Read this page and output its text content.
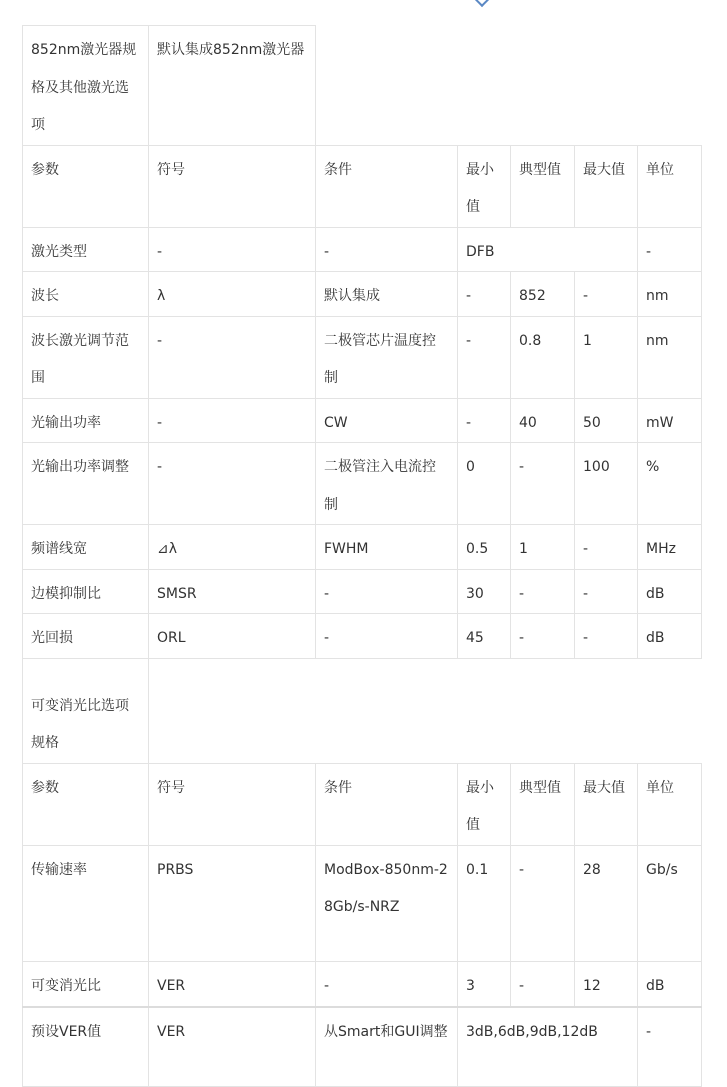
852nm激光器规格及其他激光选项	默认集成852nm激光器					
参数	符号	条件	最小值	典型值	最大值	单位
激光类型	-	-	DFB			-
波长	λ	默认集成	-	852	-	nm
波长激光调节范围	-	二极管芯片温度控制	-	0.8	1	nm
光输出功率	-	CW	-	40	50	mW
光输出功率调整	-	二极管注入电流控制	0	-	100	%
频谱线宽	⊿λ	FWHM	0.5	1	-	MHz
边模抑制比	SMSR	-	30	-	-	dB
光回损	ORL	-	45	-	-	dB
可变消光比选项规格						
参数	符号	条件	最小值	典型值	最大值	单位
传输速率	PRBS	ModBox-850nm-28Gb/s-NRZ	0.1	-	28	Gb/s
可变消光比	VER	-	3	-	12	dB
预设VER值	VER	从Smart和GUI调整	3dB,6dB,9dB,12dB			-
